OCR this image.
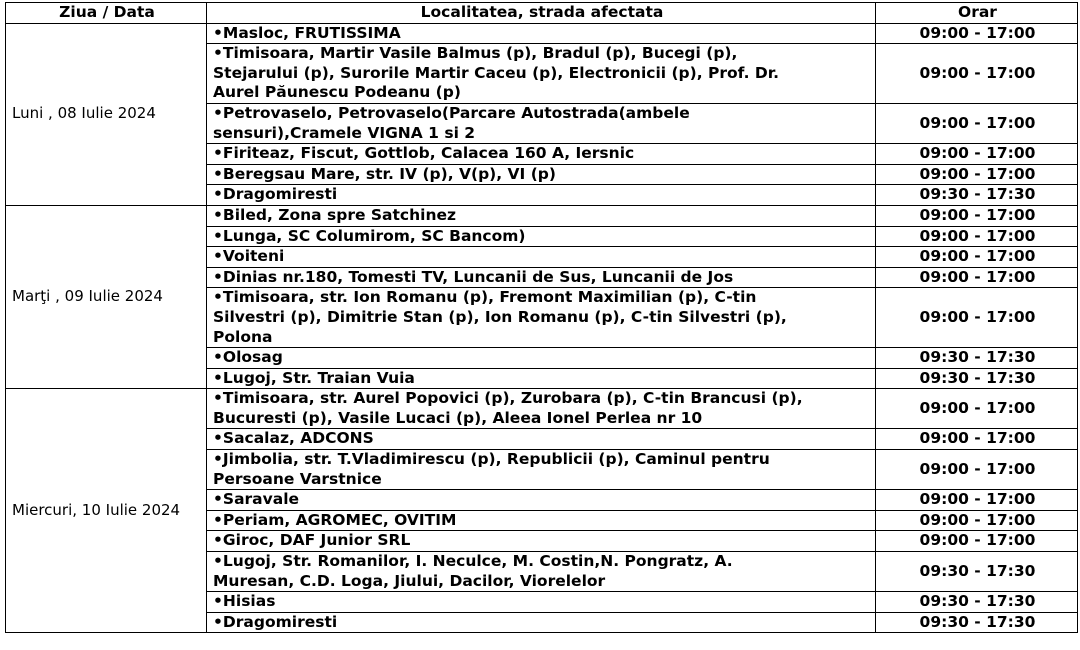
Ziua / Data	Localitatea, strada afectata	Orar
Luni , 08 Iulie 2024	•Masloc, FRUTISSIMA	09:00 - 17:00
	•Timisoara, Martir Vasile Balmus (p), Bradul (p), Bucegi (p),
Stejarului (p), Surorile Martir Caceu (p), Electronicii (p), Prof. Dr.
Aurel Păunescu Podeanu (p)	09:00 - 17:00
	•Petrovaselo, Petrovaselo(Parcare Autostrada(ambele
sensuri),Cramele VIGNA 1 si 2	09:00 - 17:00
	•Firiteaz, Fiscut, Gottlob, Calacea 160 A, Iersnic	09:00 - 17:00
	•Beregsau Mare, str. IV (p), V(p), VI (p)	09:00 - 17:00
	•Dragomiresti	09:30 - 17:30
Marţi , 09 Iulie 2024	•Biled, Zona spre Satchinez	09:00 - 17:00
	•Lunga, SC Columirom, SC Bancom)	09:00 - 17:00
	•Voiteni	09:00 - 17:00
	•Dinias nr.180, Tomesti TV, Luncanii de Sus, Luncanii de Jos	09:00 - 17:00
	•Timisoara, str. Ion Romanu (p), Fremont Maximilian (p), C-tin
Silvestri (p), Dimitrie Stan (p), Ion Romanu (p), C-tin Silvestri (p),
Polona	09:00 - 17:00
	•Olosag	09:30 - 17:30
	•Lugoj, Str. Traian Vuia	09:30 - 17:30
Miercuri, 10 Iulie 2024	•Timisoara, str. Aurel Popovici (p), Zurobara (p), C-tin Brancusi (p),
Bucuresti (p), Vasile Lucaci (p), Aleea Ionel Perlea nr 10	09:00 - 17:00
	•Sacalaz, ADCONS	09:00 - 17:00
	•Jimbolia, str. T.Vladimirescu (p), Republicii (p), Caminul pentru
Persoane Varstnice	09:00 - 17:00
	•Saravale	09:00 - 17:00
	•Periam, AGROMEC, OVITIM	09:00 - 17:00
	•Giroc, DAF Junior SRL	09:00 - 17:00
	•Lugoj, Str. Romanilor, I. Neculce, M. Costin,N. Pongratz, A.
Muresan, C.D. Loga, Jiului, Dacilor, Viorelelor	09:30 - 17:30
	•Hisias	09:30 - 17:30
	•Dragomiresti	09:30 - 17:30
